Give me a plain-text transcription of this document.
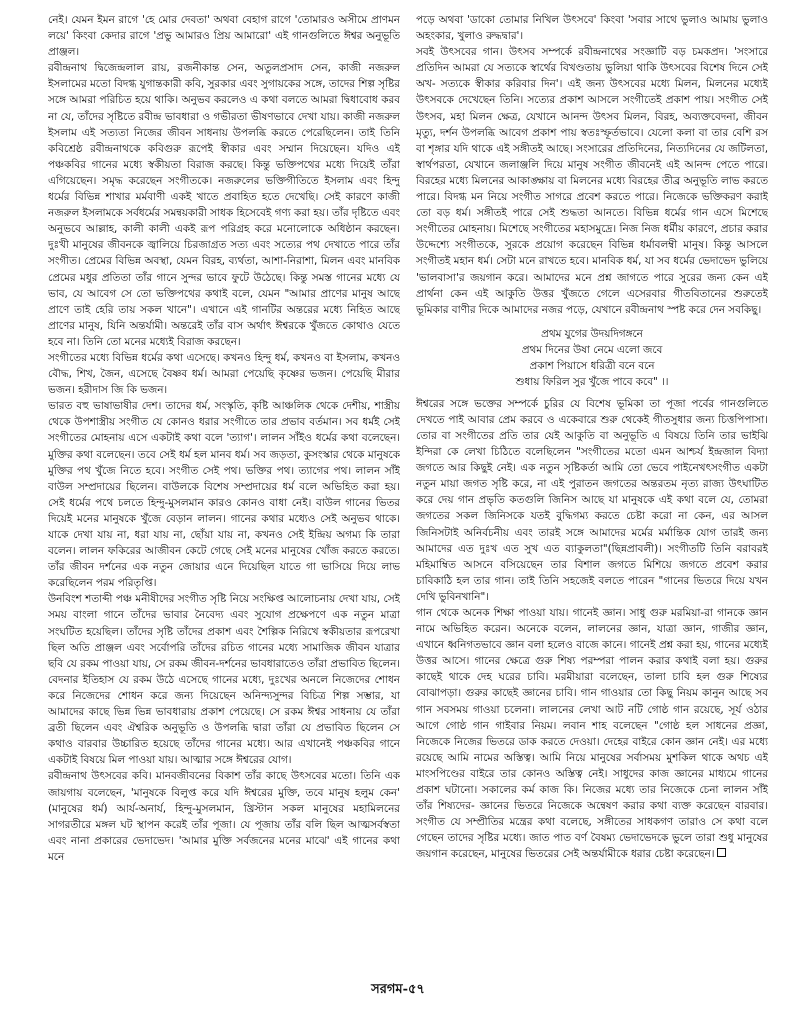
নেই। যেমন ইমন রাগে 'হে মোর দেবতা' অথবা বেহাগ রাগে 'তোমারও অসীমে প্রাণমন লয়ে' কিংবা কেদার রাগে 'প্রভু আমারও প্রিয় আমারো' এই গানগুলিতে ঈশ্বর অনুভূতি প্রাঞ্জল।

রবীন্দ্রনাথ দ্বিজেন্দ্রলাল রায়, রজনীকান্ত সেন, অতুলপ্রসাদ সেন, কাজী নজরুল ইসলামের মতো বিদগ্ধ যুগান্তকারী কবি, সুরকার এবং সুগায়কের সঙ্গে, তাদের শিল্প সৃষ্টির সঙ্গে আমরা পরিচিত হয়ে থাকি। অনুভব করলেও এ কথা বলতে আমরা দ্বিধাবোধ করব না যে, তাঁদের সৃষ্টিতে রবীন্দ্র ভাবধারা ও গভীরতা ভীষণভাবে দেখা যায়। কাজী নজরুল ইসলাম এই সত্যতা নিজের জীবন সাধনায় উপলব্ধি করতে পেরেছিলেন। তাই তিনি কবিশ্রেষ্ঠ রবীন্দ্রনাথকে কবিগুরু রূপেই স্বীকার এবং সম্মান দিয়েছেন। যদিও এই পঞ্চকবির গানের মধ্যে স্বকীয়তা বিরাজ করছে। কিন্তু ভক্তিপথের মধ্যে দিয়েই তাঁরা এগিয়েছেন। সমৃদ্ধ করেছেন সংগীতকে। নজরুলের ভক্তিগীতিতে ইসলাম এবং হিন্দু ধর্মের বিভিন্ন শাখার মর্মবাণী একই খাতে প্রবাহিত হতে দেখেছি। সেই কারণে কাজী নজরুল ইসলামকে সর্বধর্মের সমন্বয়কারী সাধক হিসেবেই গণ্য করা হয়। তাঁর দৃষ্টিতে এবং অনুভবে আল্লাহ, কালী কালী একই রূপ পরিগ্রহ করে মনোলোকে অধিষ্ঠান করছেন। দুঃখী মানুষের জীবনকে জ্বালিয়ে চিরজাগ্রত সত্য এবং সত্যের পথ দেখাতে পারে তাঁর সংগীত। প্রেমের বিভিন্ন অবস্থা, যেমন বিরহ, ব্যর্থতা, আশা-নিরাশা, মিলন এবং মানবিক প্রেমের মধুর প্রতিতা তাঁর গানে সুন্দর ভাবে ফুটে উঠেছে। কিন্তু সমস্ত গানের মধ্যে যে ভাব, যে আবেগ সে তো ভক্তিপথের কথাই বলে, যেমন "আমার প্রাণের মানুষ আছে প্রাণে তাই হেরি তায় সকল খানে"। এখানে এই গানটির অন্তরের মধ্যে নিহিত আছে প্রাণের মানুষ, যিনি অন্তর্যামী। অন্তরেই তাঁর বাস অর্থাৎ ঈশ্বরকে খুঁজতে কোথাও যেতে হবে না। তিনি তো মনের মধ্যেই বিরাজ করছেন।

সংগীতের মধ্যে বিভিন্ন ধর্মের কথা এসেছে। কখনও হিন্দু ধর্ম, কখনও বা ইসলাম, কখনও বৌদ্ধ, শিখ, জৈন, এসেছে বৈষ্ণব ধর্ম। আমরা পেয়েছি কৃষ্ণের ভজন। পেয়েছি মীরার ভজন। হরীদাস জি কি ভজন।

ভারত বহু ভাষাভাষীর দেশ। তাদের ধর্ম, সংস্কৃতি, কৃষ্টি আঞ্চলিক থেকে দেশীয়, শাস্ত্রীয় থেকে উপশাস্ত্রীয় সংগীত যে কোনও ধরার সংগীতে তার প্রভাব বর্তমান। সব ধর্মই সেই সংগীতের মোহনায় এসে একটাই কথা বলে 'ত্যাগ'। লালন সাঁইও ধর্মের কথা বলেছেন। মুক্তির কথা বলেছেন। তবে সেই ধর্ম হল মানব ধর্ম। সব জড়তা, কুসংস্কার থেকে মানুষকে মুক্তির পথ খুঁজে নিতে হবে। সংগীত সেই পথ। ভক্তির পথ। ত্যাগের পথ। লালন সাঁই বাউল সম্প্রদায়ের ছিলেন। বাউলকে বিশেষ সম্প্রদায়ের ধর্ম বলে অভিহিত করা হয়। সেই ধর্মের পথে চলতে হিন্দু-মুসলমান কারও কোনও বাধা নেই। বাউল গানের ভিতর দিয়েই মনের মানুষকে খুঁজে বেড়ান লালন। গানের কথার মধ্যেও সেই অনুভব থাকে। যাকে দেখা যায় না, ধরা যায় না, ছোঁয়া যায় না, কখনও সেই ইন্দ্রিয় অগম্য কি তারা বলেন। লালন ফকিরের আজীবন কেটে গেছে সেই মনের মানুষের খোঁজ করতে করতে। তাঁর জীবন দর্শনের এক নতুন জোয়ার এনে দিয়েছিল যাতে গা ভাসিয়ে দিয়ে লাভ করেছিলেন পরম পরিতৃপ্তি।

উনবিংশ শতাব্দী পঞ্চ মনীষীদের সংগীত সৃষ্টি নিয়ে সংক্ষিপ্ত আলোচনায় দেখা যায়, সেই সময় বাংলা গানে তাঁদের ভাবার নৈবেদ্য এবং সুযোগ প্রক্ষেপণে এক নতুন মাত্রা সংঘটিত হয়েছিল। তাঁদের সৃষ্টি তাঁদের প্রকাশ এবং শৈল্পিক নিরিখে স্বকীয়তার রূপরেখা ছিল অতি প্রাঞ্জল এবং সর্বোপরি তাঁদের রচিত গানের মধ্যে সামাজিক জীবন যাত্রার ছবি যে রকম পাওয়া যায়, সে রকম জীবন-দর্শনের ভাবধারাতেও তাঁরা প্রভাবিত ছিলেন। বেদনার ইতিহাস যে রকম উঠে এসেছে গানের মধ্যে, দুঃখের অনলে নিজেদের শোধন করে নিজেদের শোধন করে জন্য দিয়েছেন অনিন্দ্যসুন্দর বিচিত্র শিল্প সম্ভার, যা আমাদের কাছে ভিন্ন ভিন্ন ভাবধারায় প্রকাশ পেয়েছে। সে রকম ঈশ্বর সাধনায় যে তাঁরা ব্রতী ছিলেন এবং ঐশ্বরিক অনুভূতি ও উপলব্ধি দ্বারা তাঁরা যে প্রভাবিত ছিলেন সে কথাও বারবার উচ্চারিত হয়েছে তাঁদের গানের মধ্যে। আর এখানেই পঞ্চকবির গানে একটাই বিষয়ে মিল পাওয়া যায়। আত্মার সঙ্গে ঈশ্বরের যোগ।

রবীন্দ্রনাথ উৎসবের কবি। মানবজীবনের বিকাশ তাঁর কাছে উৎসবের মতো। তিনি এক জায়গায় বলেছেন, 'মানুষকে বিলুপ্ত করে যদি ঈশ্বরের মুক্তি, তবে মানুষ হলুম কেন' (মানুষের ধর্ম) আর্য-অনার্য, হিন্দু-মুসলমান, খ্রিস্টান সকল মানুষের মহামিলনের সাগরতীরে মঙ্গল ঘট স্থাপন করেই তাঁর পূজা। যে পূজায় তাঁর বলি ছিল আত্মসর্বস্বতা এবং নানা প্রকারের ভেদাভেদ। 'আমার মুক্তি সর্বজনের মনের মাঝে' এই গানের কথা মনে

পড়ে অথবা 'ডাকো তোমার নিখিল উৎসবে' কিংবা 'সবার সাথে ভুলাও আমায় ভুলাও অহংকার, খুলাও রুদ্ধদ্বার'।

সবই উৎসবের গান। উৎসব সম্পর্কে রবীন্দ্রনাথের সংজ্ঞাটি বড় চমকপ্রদ। 'সংসারে প্রতিদিন আমরা যে সত্যকে স্বার্থের বিখণ্ডতায় ভুলিয়া থাকি উৎসবের বিশেষ দিনে সেই অখ- সত্যকে স্বীকার করিবার দিন'। এই জন্য উৎসবের মধ্যে মিলন, মিলনের মধ্যেই উৎসবকে দেখেছেন তিনি। সত্যের প্রকাশ আসলে সংগীতেই প্রকাশ পায়। সংগীত সেই উৎসব, মহা মিলন ক্ষেত্র, যেখানে আনন্দ উৎসব মিলন, বিরহ, অব্যক্তবেদনা, জীবন মৃত্যু, দর্শন উপলব্ধি আবেগ প্রকাশ পায় স্বতঃস্ফূর্তভাবে। যেলো কলা বা তার বেশি রস বা শৃঙ্গার যদি থাকে এই সঙ্গীতই আছে। সংসারের প্রতিদিনের, নিত্যদিনের যে জটিলতা, স্বার্থপরতা, যেখানে জলাঞ্জলি দিয়ে মানুষ সংগীত জীবনেই এই আনন্দ পেতে পারে। বিরহের মধ্যে মিলনের আকাঙ্ক্ষায় বা মিলনের মধ্যে বিরহের তীব্র অনুভূতি লাভ করতে পারে। বিদগ্ধ মন নিয়ে সংগীত সাগরে প্রবেশ করতে পারে। নিজেকে ভক্তিকরণ করাই তো বড় ধর্ম। সঙ্গীতই পারে সেই শুদ্ধতা আনতে। বিভিন্ন ধর্মের গান এসে মিশেছে সংগীতের মোহনায়। মিশেছে সংগীতের মহাসমুদ্রে। নিজ নিজ ধর্মীয় কারণে, প্রচার করার উদ্দেশ্যে সংগীতকে, সুরকে প্রয়োগ করেছেন বিভিন্ন ধর্মাবলম্বী মানুষ। কিন্তু আসলে সংগীতই মহান ধর্ম। সেটা মনে রাখতে হবে। মানবিক ধর্ম, যা সব ধর্মের ভেদাভেদ ভুলিয়ে 'ভালবাসা'র জয়গান করে। আমাদের মনে প্রশ্ন জাগতে পারে সুরের জন্য কেন এই প্রার্থনা কেন এই আকুতি উত্তর খুঁজতে গেলে এসেরবার গীতবিতানের শুরুতেই ভূমিকার বাণীর দিকে আমাদের নজর পড়ে, যেখানে রবীন্দ্রনাথ স্পষ্ট করে দেন সবকিছু।

প্রথম যুগের উদয়দিগঙ্গনে
প্রথম দিনের উষা নেমে এলো জবে
প্রকাশ পিয়াসে ধরিত্রী বনে বনে
শুধায় ফিরিল সুর খুঁজে পাবে কবে" ।।

ঈশ্বরের সঙ্গে ভক্তের সম্পর্কে চুরির যে বিশেষ ভূমিকা তা পূজা পর্বের গানগুলিতে দেখতে পাই আবার প্রেম করবে ও একেবারে শুরু থেকেই গীতসুধার জন্য চিত্তপিপাসা। তোর বা সংগীতের প্রতি তার যেই আকুতি বা অনুভূতি এ বিষয়ে তিনি তার ভাইঝি ইন্দিরা কে লেখা চিঠিতে বলেছিলেন "সংগীতের মতো এমন আশ্চর্য ইন্দ্রজাল বিদ্যা জগতে আর কিছুই নেই। এক নতুন সৃষ্টিকর্তা আমি তো ভেবে পাইনেখৎসংগীত একটা নতুন মায়া জগত সৃষ্টি করে, না এই পুরাতন জগতের অন্তরতম নৃত্য রাজ্য উৎঘাটিত করে দেয় গান প্রভৃতি কতগুলি জিনিস আছে যা মানুষকে এই কথা বলে যে, তোমরা জগতের সকল জিনিসকে যতই বুদ্ধিগম্য করতে চেষ্টা করো না কেন, এর আসল জিনিসটাই অনির্বচনীয় এবং তারই সঙ্গে আমাদের মর্মের মর্মান্তিক যোগ তারই জন্য আমাদের এত দুঃখ এত সুখ এত ব্যাকুলতা"(ছিন্নপ্রাবলী)। সংগীতটি তিনি বরাবরই মহিমাম্বিত আসনে বসিয়েছেন তার বিশাল জগতে মিশিয়ে জগতে প্রবেশ করার চাবিকাঠি হল তার গান। তাই তিনি সহজেই বলতে পারেন "গানের ভিতরে দিয়ে যখন দেখি ভুবিনখানি"।

গান থেকে অনেক শিক্ষা পাওয়া যায়। গানেই জ্ঞান। সাধু গুরু মরমিয়া-রা গানকে জ্ঞান নামে অভিহিত করেন। অনেকে বলেন, লালনের জ্ঞান, যাত্রা জ্ঞান, গাজীর জ্ঞান, এখানে ধ্বনিগতভাবে জ্ঞান বলা হলেও বাজে কানে। গানেই প্রশ্ন করা হয়, গানের মধ্যেই উত্তর আসে। গানের ক্ষেত্রে গুরু শিষ্য পরম্পরা পালন করার কথাই বলা হয়। গুরুর কাছেই থাকে দেহ ঘরের চাবি। মরমীয়ারা বলেছেন, তালা চাবি হল গুরু শিষ্যের বোঝাপড়া। গুরুর কাছেই জ্ঞানের চাবি। গান গাওয়ার তো কিছু নিয়ম কানুন আছে সব গান সবসময় গাওয়া চলেনা। লালনের লেখা আট নটি গোষ্ঠ গান রয়েছে, সূর্য ওঠার আগে গোষ্ঠ গান গাইবার নিয়ম। লবান শাহ বলেছেন "গোষ্ঠ হল সাধনের প্রজ্ঞা, নিজেকে নিজের ভিতরে ডাক করতে দেওয়া। দেহের বাইরে কোন জ্ঞান নেই। এর মধ্যে রয়েছে আমি নামের অস্তিত্ব। আমি নিয়ে মানুষের সর্বাসময় মুশকিল থাকে অথচ এই মাংসপিণ্ডের বাইরে তার কোনও অস্তিত্ব নেই। সাধুদের কাজ জ্ঞানের মাধ্যমে গানের প্রকাশ ঘটানো। সকালের কর্ম কাজ কি। নিজের মধ্যে তার নিজেকে চেনা লালন সাঁই তাঁর শিষ্যদের- জ্ঞানের ভিতরে নিজেকে অন্বেষণ করার কথা ব্যক্ত করেছেন বারবার। সংগীত যে সম্প্রীতির মন্ত্রের কথা বলেছে, সঙ্গীতের সাধকগণ তারাও সে কথা বলে গেছেন তাদের সৃষ্টির মধ্যে। জাত পাত বর্ণ বৈষম্য ভেদাভেদকে ভুলে তারা শুধু মানুষের জয়গান করেছেন, মানুষের ভিতরের সেই অন্তর্যামীকে ধরার চেষ্টা করেছেন।

সরগম-৫৭
